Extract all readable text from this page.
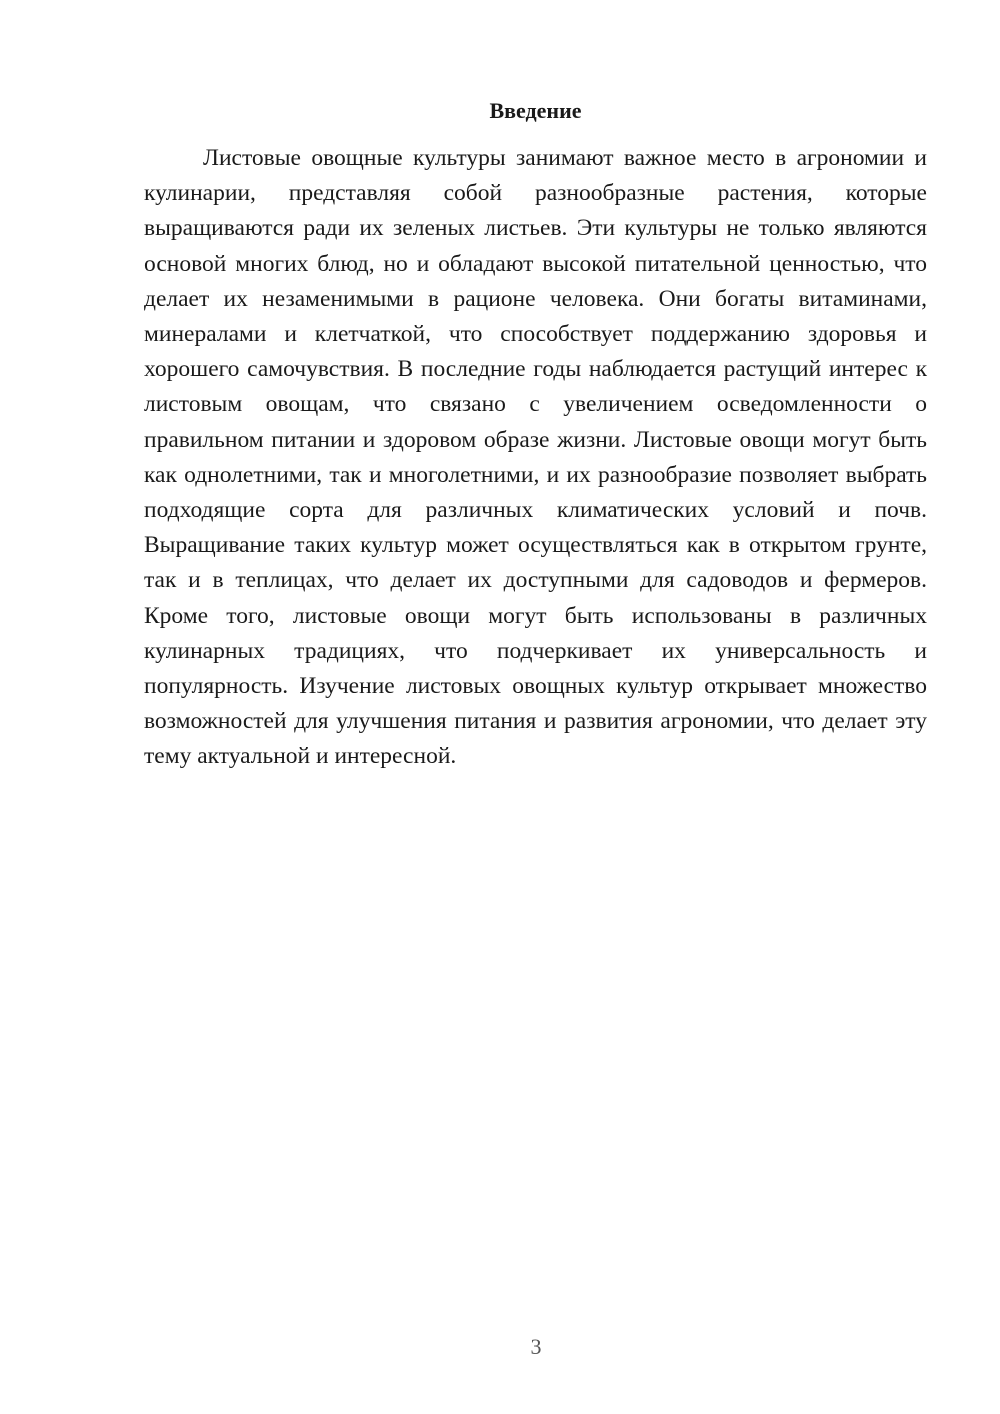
Введение

Листовые овощные культуры занимают важное место в агрономии и кулинарии, представляя собой разнообразные растения, которые выращиваются ради их зеленых листьев. Эти культуры не только являются основой многих блюд, но и обладают высокой питательной ценностью, что делает их незаменимыми в рационе человека. Они богаты витаминами, минералами и клетчаткой, что способствует поддержанию здоровья и хорошего самочувствия. В последние годы наблюдается растущий интерес к листовым овощам, что связано с увеличением осведомленности о правильном питании и здоровом образе жизни. Листовые овощи могут быть как однолетними, так и многолетними, и их разнообразие позволяет выбрать подходящие сорта для различных климатических условий и почв. Выращивание таких культур может осуществляться как в открытом грунте, так и в теплицах, что делает их доступными для садоводов и фермеров. Кроме того, листовые овощи могут быть использованы в различных кулинарных традициях, что подчеркивает их универсальность и популярность. Изучение листовых овощных культур открывает множество возможностей для улучшения питания и развития агрономии, что делает эту тему актуальной и интересной.

3
